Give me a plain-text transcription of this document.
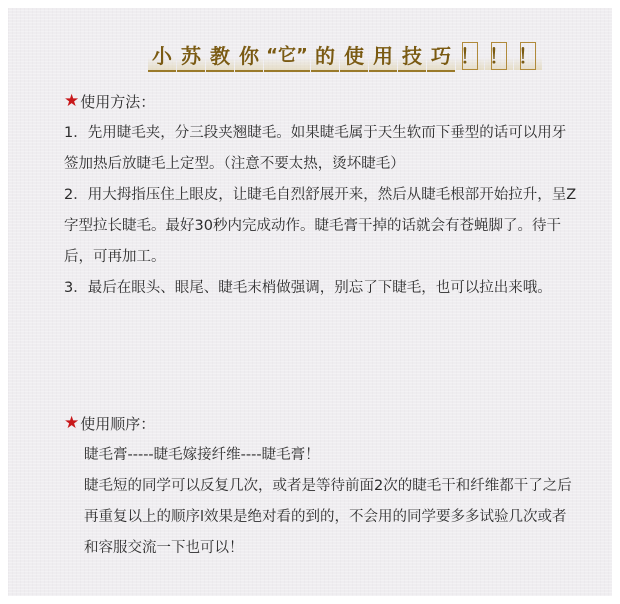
小 苏 教 你 “它” 的 使 用 技 巧 ！ ！ ！
★ 使用方法：

1．先用睫毛夹，分三段夹翘睫毛。如果睫毛属于天生软而下垂型的话可以用牙签加热后放睫毛上定型。（注意不要太热，烫坏睫毛）

2．用大拇指压住上眼皮，让睫毛自烈舒展开来，然后从睫毛根部开始拉升，呈Z字型拉长睫毛。最好30秒内完成动作。睫毛膏干掉的话就会有苍蝇脚了。待干后，可再加工。

3．最后在眼头、眼尾、睫毛末梢做强调，别忘了下睫毛，也可以拉出来哦。

★ 使用顺序：

睫毛膏-----睫毛嫁接纤维----睫毛膏！

睫毛短的同学可以反复几次，或者是等待前面2次的睫毛干和纤维都干了之后再重复以上的顺序l效果是绝对看的到的，不会用的同学要多多试验几次或者和容服交流一下也可以！
